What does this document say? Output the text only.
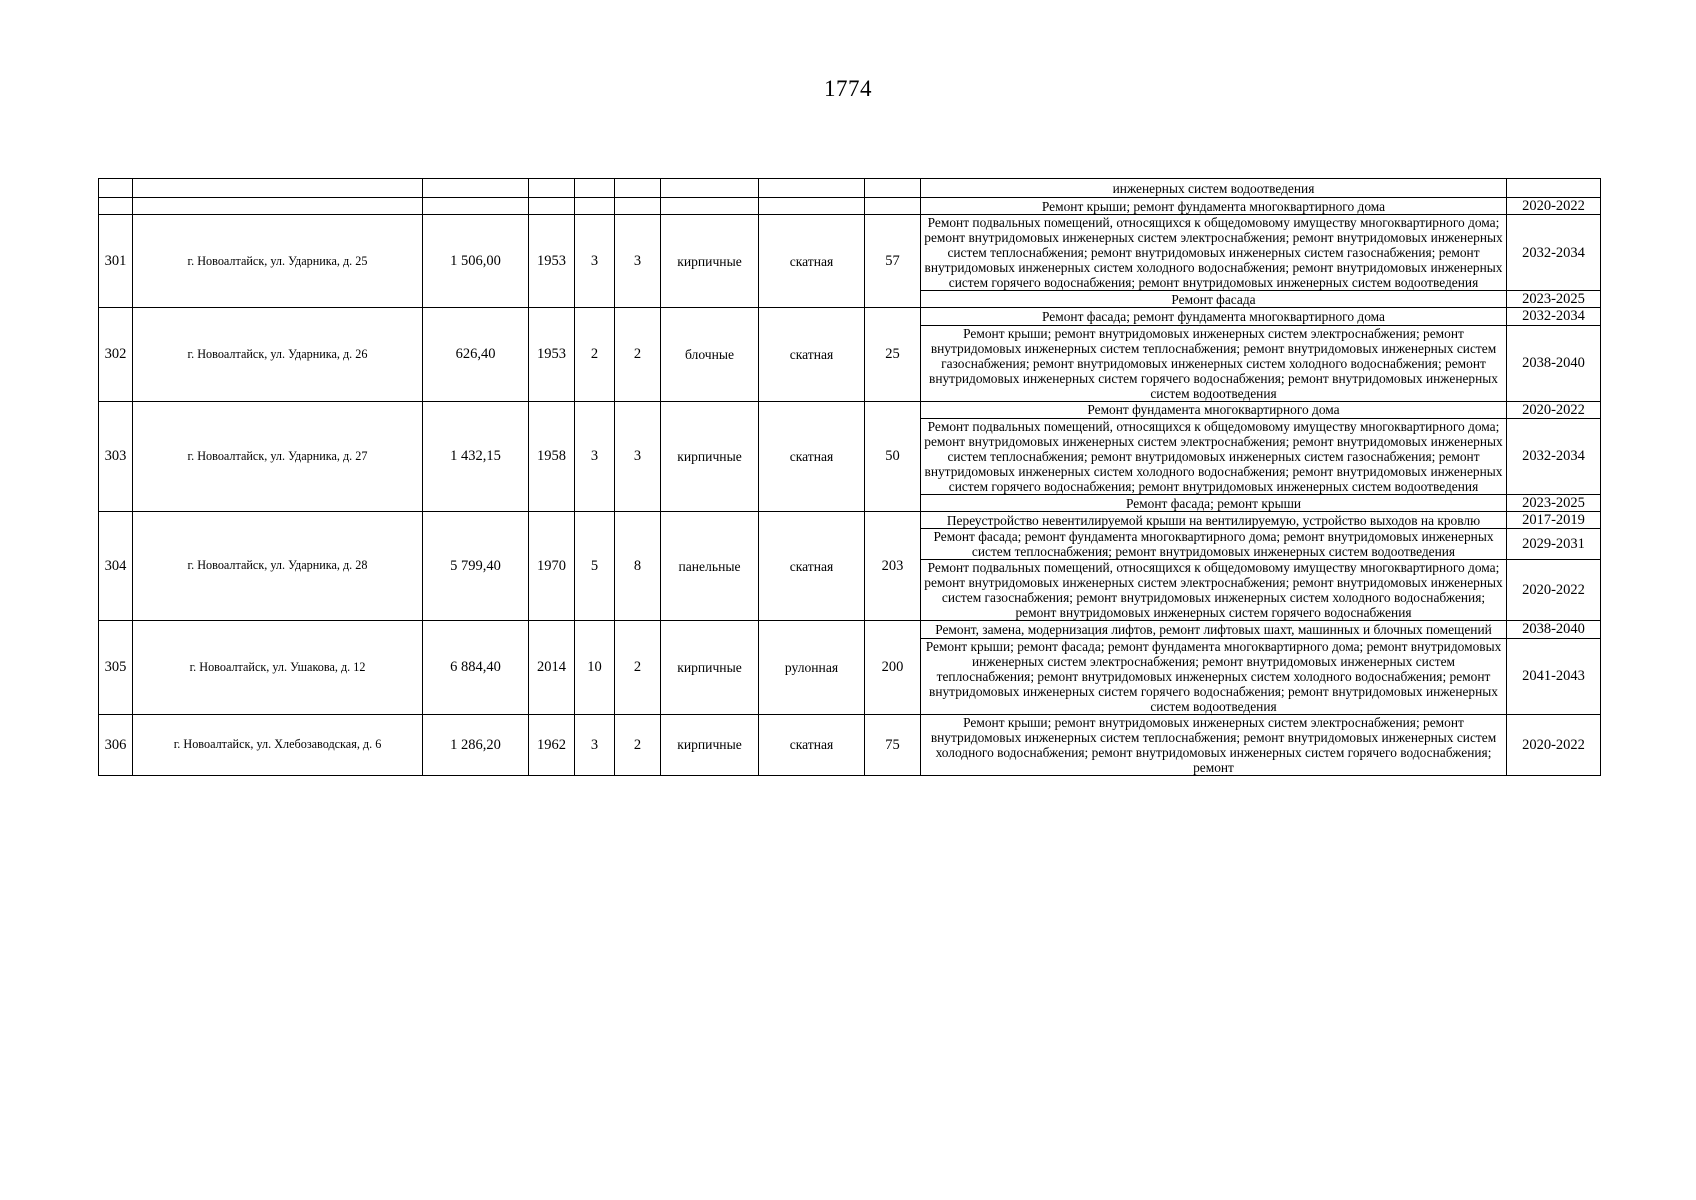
1774
									инженерных систем водоотведения	
									Ремонт крыши; ремонт фундамента многоквартирного дома	2020-2022
301	г. Новоалтайск, ул. Ударника, д. 25	1 506,00	1953	3	3	кирпичные	скатная	57	Ремонт подвальных помещений, относящихся к общедомовому имуществу многоквартирного дома; ремонт внутридомовых инженерных систем электроснабжения; ремонт внутридомовых инженерных систем теплоснабжения; ремонт внутридомовых инженерных систем газоснабжения; ремонт внутридомовых инженерных систем холодного водоснабжения; ремонт внутридомовых инженерных систем горячего водоснабжения; ремонт внутридомовых инженерных систем водоотведения	2032-2034
									Ремонт фасада	2023-2025
302	г. Новоалтайск, ул. Ударника, д. 26	626,40	1953	2	2	блочные	скатная	25	Ремонт фасада; ремонт фундамента многоквартирного дома	2032-2034
									Ремонт крыши; ремонт внутридомовых инженерных систем электроснабжения; ремонт внутридомовых инженерных систем теплоснабжения; ремонт внутридомовых инженерных систем газоснабжения; ремонт внутридомовых инженерных систем холодного водоснабжения; ремонт внутридомовых инженерных систем горячего водоснабжения; ремонт внутридомовых инженерных систем водоотведения	2038-2040
303	г. Новоалтайск, ул. Ударника, д. 27	1 432,15	1958	3	3	кирпичные	скатная	50	Ремонт фундамента многоквартирного дома	2020-2022
									Ремонт подвальных помещений, относящихся к общедомовому имуществу многоквартирного дома; ремонт внутридомовых инженерных систем электроснабжения; ремонт внутридомовых инженерных систем теплоснабжения; ремонт внутридомовых инженерных систем газоснабжения; ремонт внутридомовых инженерных систем холодного водоснабжения; ремонт внутридомовых инженерных систем горячего водоснабжения; ремонт внутридомовых инженерных систем водоотведения	2032-2034
									Ремонт фасада; ремонт крыши	2023-2025
304	г. Новоалтайск, ул. Ударника, д. 28	5 799,40	1970	5	8	панельные	скатная	203	Переустройство невентилируемой крыши на вентилируемую, устройство выходов на кровлю	2017-2019
									Ремонт фасада; ремонт фундамента многоквартирного дома; ремонт внутридомовых инженерных систем теплоснабжения; ремонт внутридомовых инженерных систем водоотведения	2029-2031
									Ремонт подвальных помещений, относящихся к общедомовому имуществу многоквартирного дома; ремонт внутридомовых инженерных систем электроснабжения; ремонт внутридомовых инженерных систем газоснабжения; ремонт внутридомовых инженерных систем холодного водоснабжения; ремонт внутридомовых инженерных систем горячего водоснабжения	2020-2022
305	г. Новоалтайск, ул. Ушакова, д. 12	6 884,40	2014	10	2	кирпичные	рулонная	200	Ремонт, замена, модернизация лифтов, ремонт лифтовых шахт, машинных и блочных помещений	2038-2040
									Ремонт крыши; ремонт фасада; ремонт фундамента многоквартирного дома; ремонт внутридомовых инженерных систем электроснабжения; ремонт внутридомовых инженерных систем теплоснабжения; ремонт внутридомовых инженерных систем холодного водоснабжения; ремонт внутридомовых инженерных систем горячего водоснабжения; ремонт внутридомовых инженерных систем водоотведения	2041-2043
306	г. Новоалтайск, ул. Хлебозаводская, д. 6	1 286,20	1962	3	2	кирпичные	скатная	75	Ремонт крыши; ремонт внутридомовых инженерных систем электроснабжения; ремонт внутридомовых инженерных систем теплоснабжения; ремонт внутридомовых инженерных систем холодного водоснабжения; ремонт внутридомовых инженерных систем горячего водоснабжения; ремонт	2020-2022
